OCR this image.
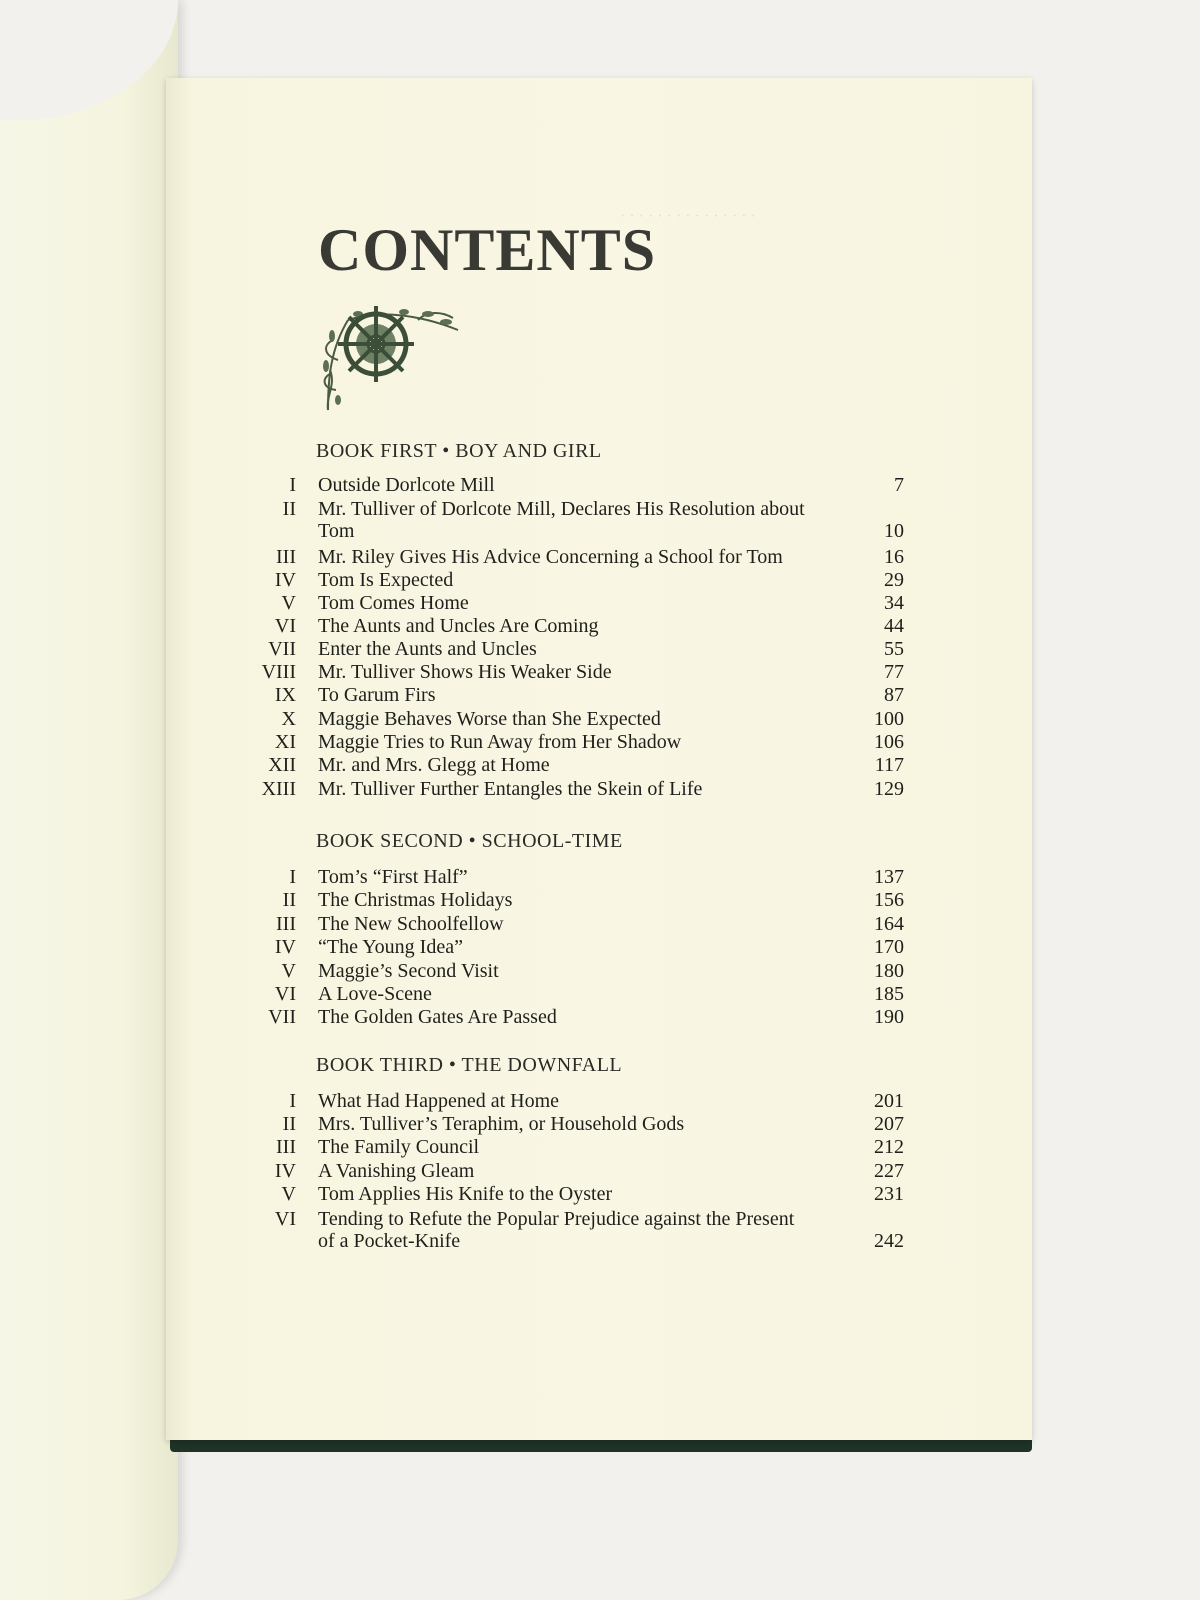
CONTENTS
· · · · · · · · · · · · · · ·
BOOK FIRST • BOY AND GIRL
I Outside Dorlcote Mill	7
II Mr. Tulliver of Dorlcote Mill, Declares His Resolution about Tom	10
III Mr. Riley Gives His Advice Concerning a School for Tom	16
IV Tom Is Expected	29
V Tom Comes Home	34
VI The Aunts and Uncles Are Coming	44
VII Enter the Aunts and Uncles	55
VIII Mr. Tulliver Shows His Weaker Side	77
IX To Garum Firs	87
X Maggie Behaves Worse than She Expected	100
XI Maggie Tries to Run Away from Her Shadow	106
XII Mr. and Mrs. Glegg at Home	117
XIII Mr. Tulliver Further Entangles the Skein of Life	129
BOOK SECOND • SCHOOL-TIME
I Tom’s “First Half”	137
II The Christmas Holidays	156
III The New Schoolfellow	164
IV “The Young Idea”	170
V Maggie’s Second Visit	180
VI A Love-Scene	185
VII The Golden Gates Are Passed	190
BOOK THIRD • THE DOWNFALL
I What Had Happened at Home	201
II Mrs. Tulliver’s Teraphim, or Household Gods	207
III The Family Council	212
IV A Vanishing Gleam	227
V Tom Applies His Knife to the Oyster	231
VI Tending to Refute the Popular Prejudice against the Present of a Pocket-Knife	242
